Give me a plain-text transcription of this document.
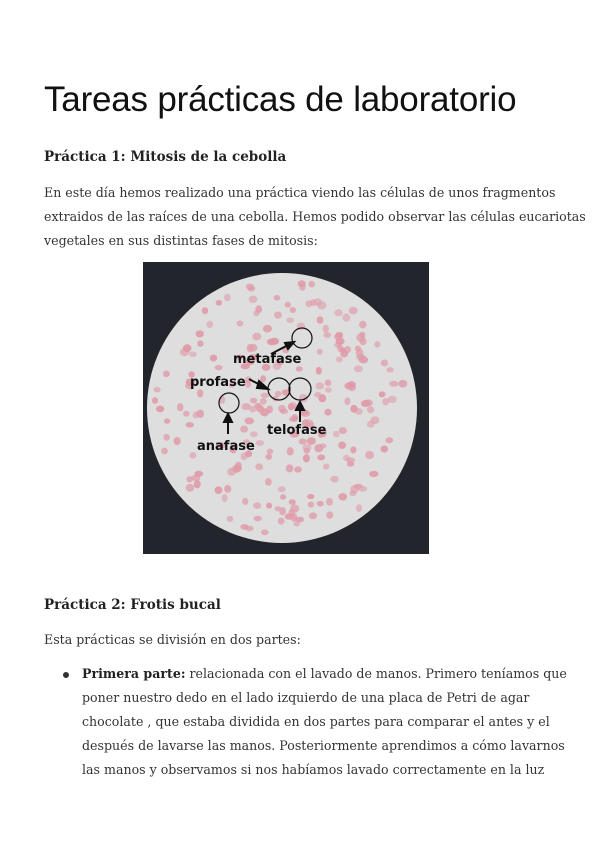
Tareas prácticas de laboratorio
Práctica 1: Mitosis de la cebolla

En este día hemos realizado una práctica viendo las células de unos fragmentos
extraidos de las raíces de una cebolla. Hemos podido observar las células eucariotas
vegetales en sus distintas fases de mitosis:

metafase
profase
anafase
telofase
Práctica 2: Frotis bucal

Esta prácticas se división en dos partes:

Primera parte: relacionada con el lavado de manos. Primero teníamos que
poner nuestro dedo en el lado izquierdo de una placa de Petri de agar
chocolate , que estaba dividida en dos partes para comparar el antes y el
después de lavarse las manos. Posteriormente aprendimos a cómo lavarnos
las manos y observamos si nos habíamos lavado correctamente en la luz
